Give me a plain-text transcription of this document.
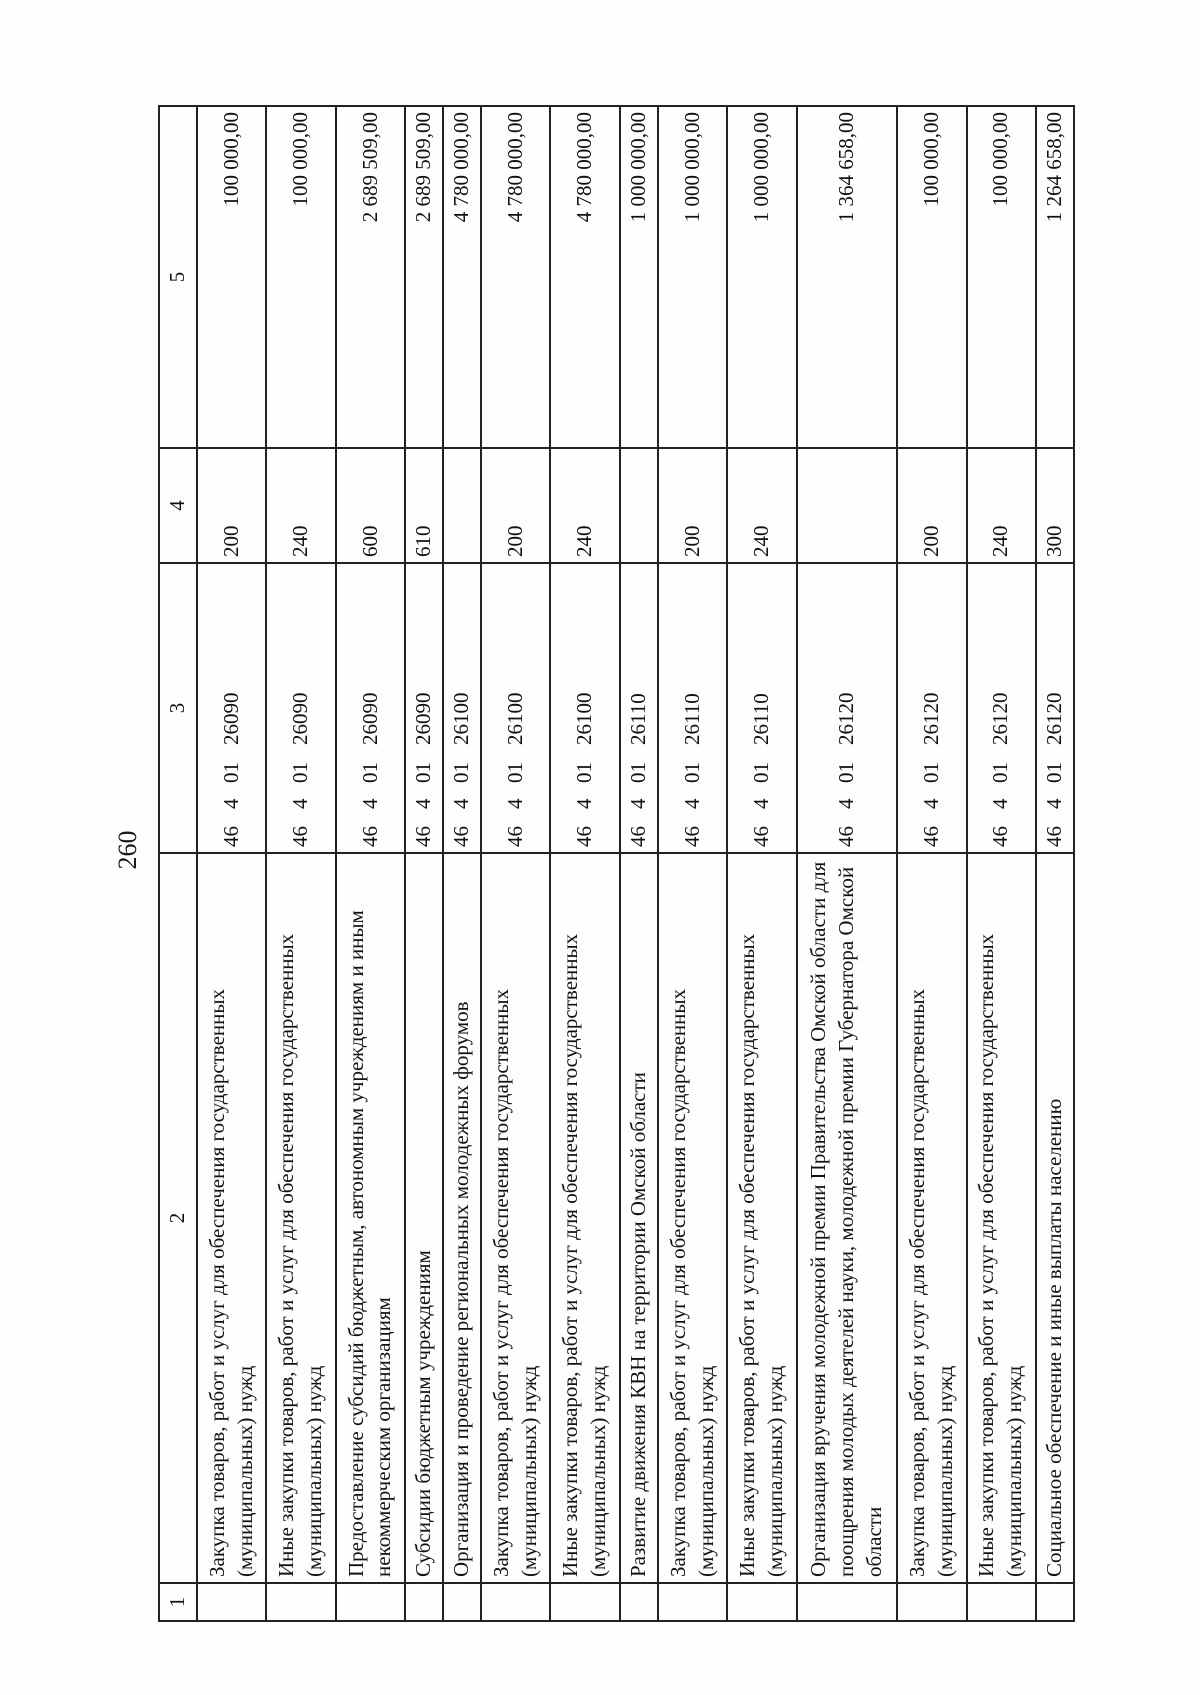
260
1	2	3	4	5
	Закупка товаров, работ и услуг для обеспечения государственных (муниципальных) нужд	4640126090	200	100 000,00
	Иные закупки товаров, работ и услуг для обеспечения государственных (муниципальных) нужд	4640126090	240	100 000,00
	Предоставление субсидий бюджетным, автономным учреждениям и иным некоммерческим организациям	4640126090	600	2 689 509,00
	Субсидии бюджетным учреждениям	4640126090	610	2 689 509,00
	Организация и проведение региональных молодежных форумов	4640126100		4 780 000,00
	Закупка товаров, работ и услуг для обеспечения государственных (муниципальных) нужд	4640126100	200	4 780 000,00
	Иные закупки товаров, работ и услуг для обеспечения государственных (муниципальных) нужд	4640126100	240	4 780 000,00
	Развитие движения КВН на территории Омской области	4640126110		1 000 000,00
	Закупка товаров, работ и услуг для обеспечения государственных (муниципальных) нужд	4640126110	200	1 000 000,00
	Иные закупки товаров, работ и услуг для обеспечения государственных (муниципальных) нужд	4640126110	240	1 000 000,00
	Организация вручения молодежной премии Правительства Омской области для поощрения молодых деятелей науки, молодежной премии Губернатора Омской области	4640126120		1 364 658,00
	Закупка товаров, работ и услуг для обеспечения государственных (муниципальных) нужд	4640126120	200	100 000,00
	Иные закупки товаров, работ и услуг для обеспечения государственных (муниципальных) нужд	4640126120	240	100 000,00
	Социальное обеспечение и иные выплаты населению	4640126120	300	1 264 658,00
